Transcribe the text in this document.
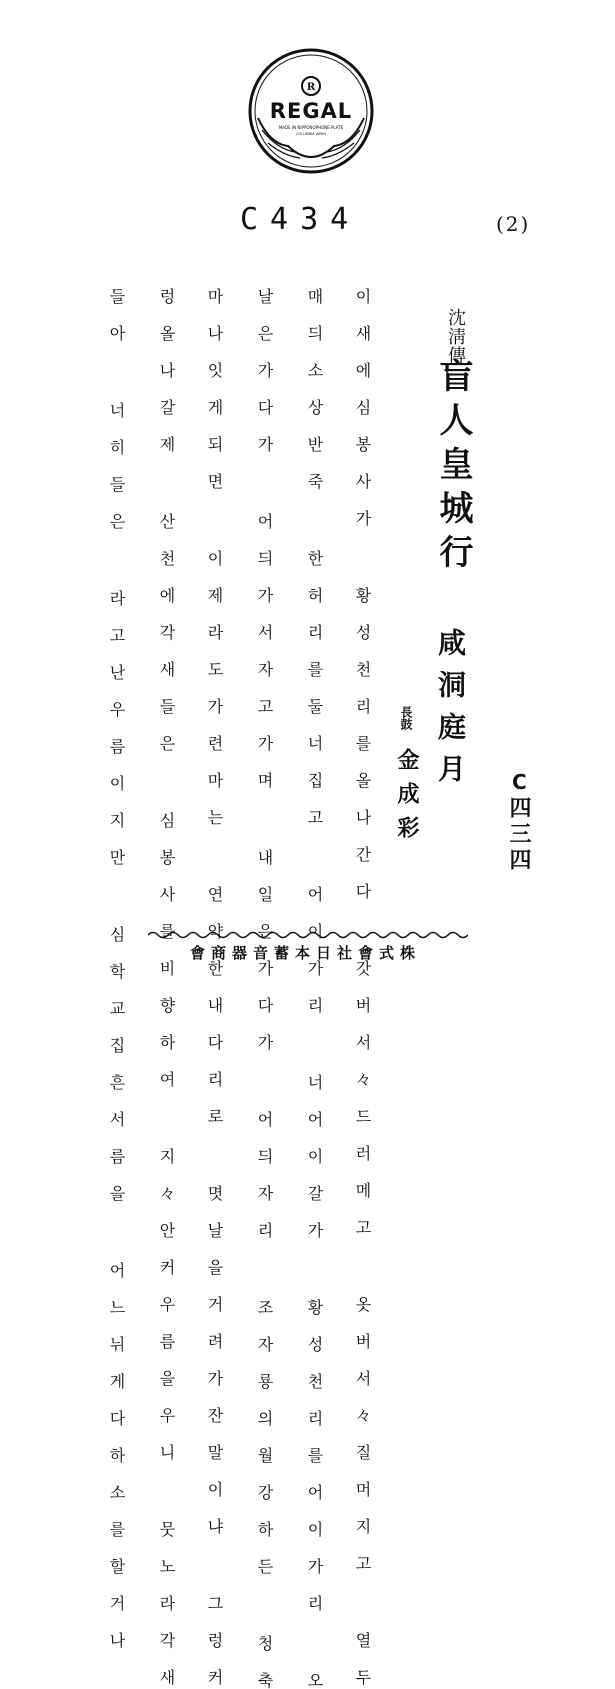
R
REGAL
MADE IN NIPPONOPHONE PLATE
COLUMBIA JAPAN
C434	(2)
沈淸傳
盲人皇城行
咸洞庭月
長鼓
金成彩	C
四三四
이 새 에 심 봉 사 가   황 성 천 리 를 올 나 간 다   갓 버 서 々 드 러 메 고   옷 버 서 々 질 머 지 고   열 두
매 듸 소 상 반 죽   한 허 리 를 둘 너 집 고   어 이 가 리   너 어 이 갈 가   황 성 천 리 를 어 이 가 리   오
날 은 가 다 가   어 듸 가 서 자 고 가 며   내 일 은 가 다 가   어 듸 자 리   조 자 룡 의 월 강 하 든   청 축
마 나 잇 게 되 면   이 제 라 도 가 련 마 는   연 약 한 내 다 리 로   몃 날 을 거 려 가 잔 말 이 냐   그 렁 커
렁 올 나 갈 제   산 천 에 각 새 들 은   심 봉 사 를 비 향 하 여   지 々 안 커 우 름 을 우 니   뭇 노 라 각 새
들 아   너 히 들 은   라 고 난 우 름 이 지 만   심 학 교 집 흔 서 름 을   어 느 뉘 게 다 하 소 를 할 거 나	株式會社日本蓄音器商會
